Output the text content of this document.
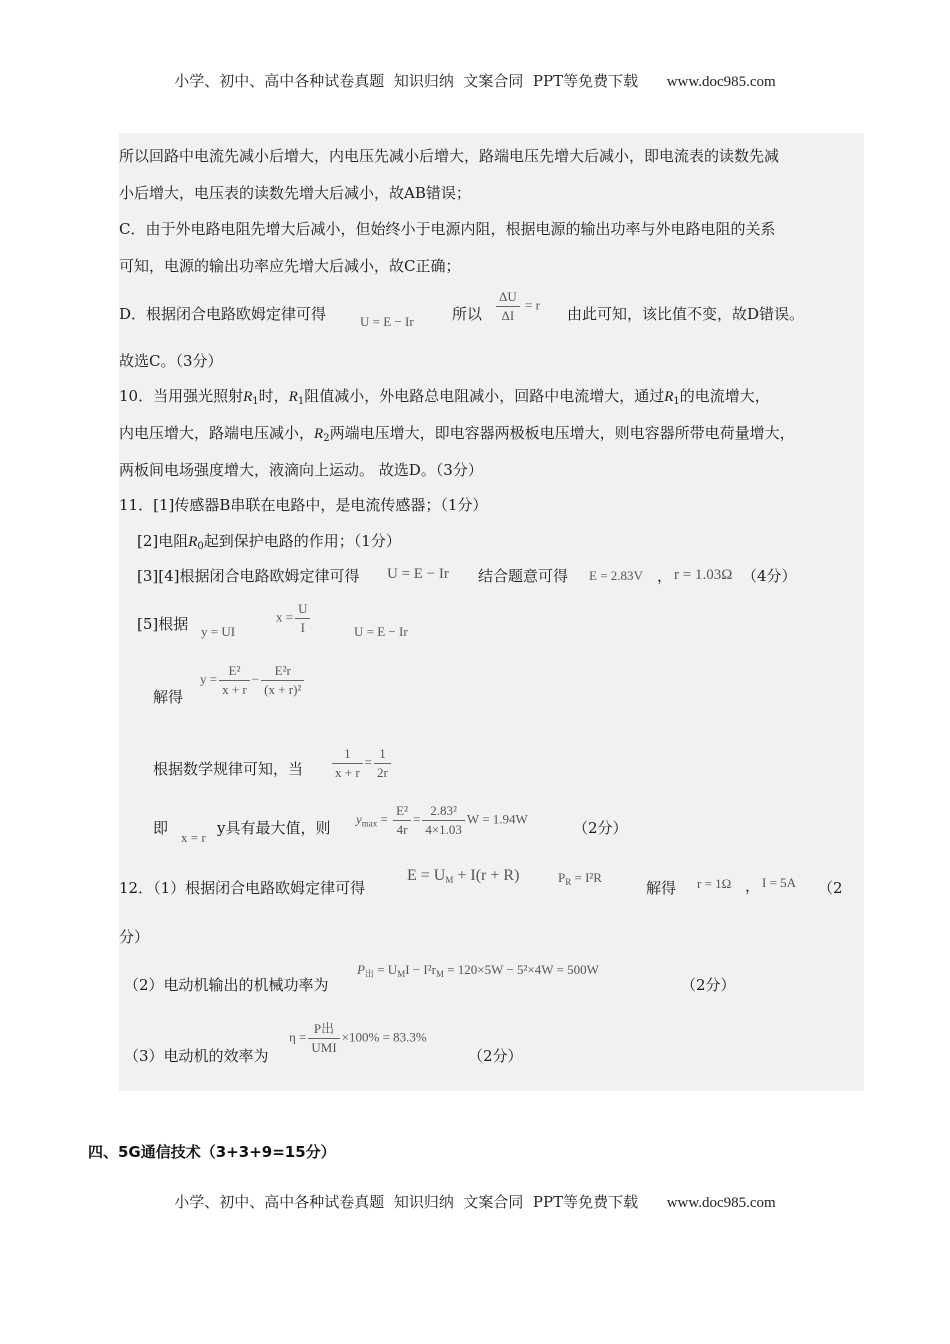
小学、初中、高中各种试卷真题  知识归纳  文案合同  PPT等免费下载 www.doc985.com
所以回路中电流先减小后增大，内电压先减小后增大，路端电压先增大后减小，即电流表的读数先减
小后增大，电压表的读数先增大后减小，故AB错误；
C．由于外电路电阻先增大后减小，但始终小于电源内阻，根据电源的输出功率与外电路电阻的关系
可知，电源的输出功率应先增大后减小，故C正确；
D．根据闭合电路欧姆定律可得	U = E − Ir	所以 $\frac{\Delta U}{\Delta I} = r$
由此可知，该比值不变，故D错误。
故选C。（3分）
10．当用强光照射$R_1$时，$R_1$阻值减小，外电路总电阻减小，回路中电流增大，通过$R_1$的电流增大，
内电压增大，路端电压减小，$R_2$两端电压增大，即电容器两极板电压增大，则电容器所带电荷量增大，
两板间电场强度增大，液滴向上运动。 故选D。（3分）
11．[1]传感器B串联在电路中，是电流传感器；（1分）
[2]电阻$R_0$起到保护电路的作用；（1分）
[3][4]根据闭合电路欧姆定律可得 U = E − Ir 结合题意可得 E = 2.83V ， r = 1.03Ω （4分）
[5]根据 y = UI
$x = \frac{U}{I}$	U = E − Ir
解得
$y = \frac{\text{E²}}{x + r} - \frac{\text{E²r}}{\text{(x + r)²}}$
根据数学规律可知，当 $\frac{1}{x + r} = \frac{1}{2r}$
即
x = r
y具有最大值，则
$y_{max} = \frac{\text{E²}}{4r} = \frac{\text{2.83²}}{4\times 1.03}$ W = 1.94W
（2分）
12．（1）根据闭合电路欧姆定律可得
$E = U_M + I(r + R)$	$P_R = I^2R$
解得 r = 1Ω ， I = 5A （2
分）
（2）电动机输出的机械功率为
$P_出 = U_MI - I^2r_M = 120\times 5W - 5^2\times 4W = 500W$
（2分）
（3）电动机的效率为
$\eta = \frac{\text{P出}}{\text{UMI}} \times 100\% = 83.3\%$
（2分）
四、5G通信技术（3+3+9=15分）
小学、初中、高中各种试卷真题  知识归纳  文案合同  PPT等免费下载 www.doc985.com
